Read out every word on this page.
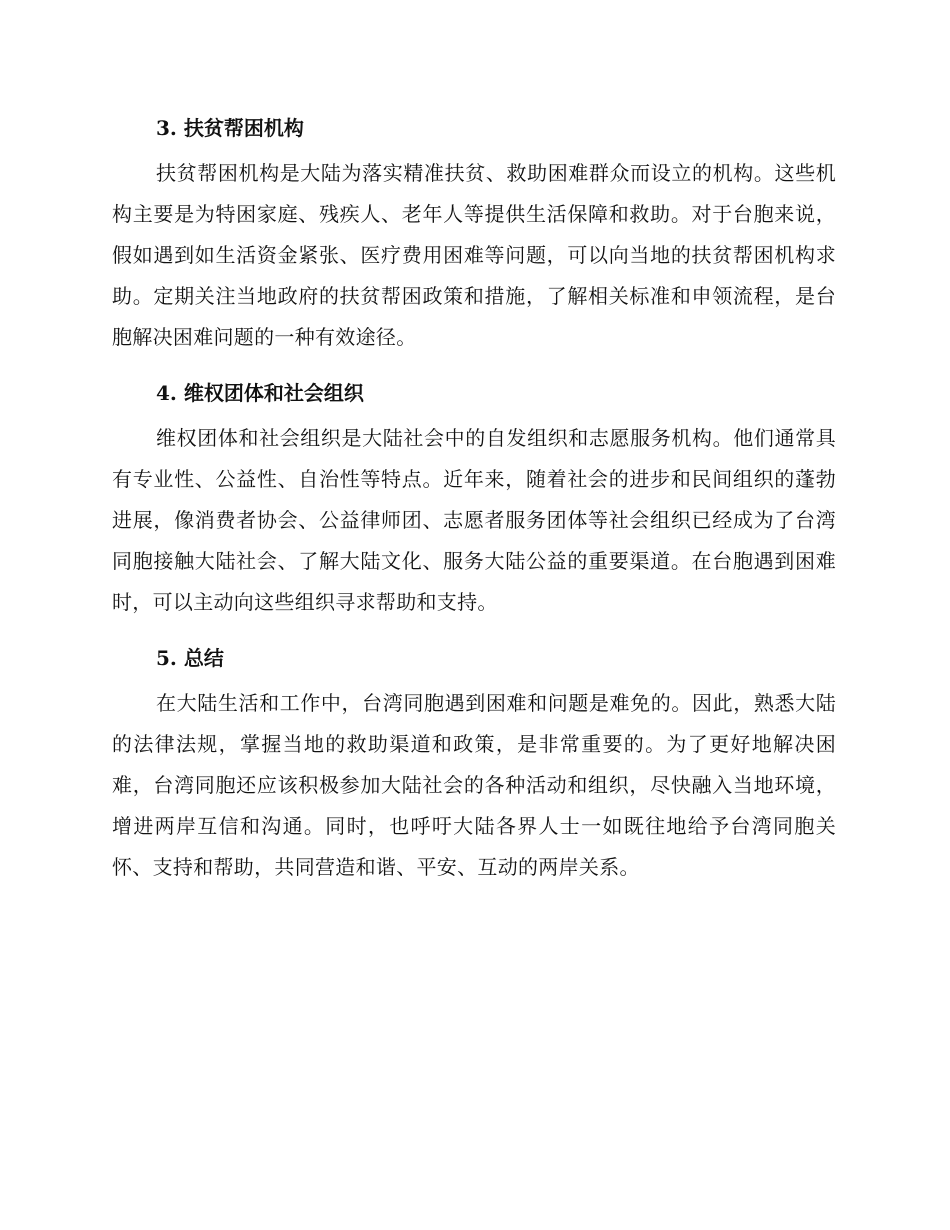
3. 扶贫帮困机构

扶贫帮困机构是大陆为落实精准扶贫、救助困难群众而设立的机构。这些机构主要是为特困家庭、残疾人、老年人等提供生活保障和救助。对于台胞来说，假如遇到如生活资金紧张、医疗费用困难等问题，可以向当地的扶贫帮困机构求助。定期关注当地政府的扶贫帮困政策和措施，了解相关标准和申领流程，是台胞解决困难问题的一种有效途径。

4. 维权团体和社会组织

维权团体和社会组织是大陆社会中的自发组织和志愿服务机构。他们通常具有专业性、公益性、自治性等特点。近年来，随着社会的进步和民间组织的蓬勃进展，像消费者协会、公益律师团、志愿者服务团体等社会组织已经成为了台湾同胞接触大陆社会、了解大陆文化、服务大陆公益的重要渠道。在台胞遇到困难时，可以主动向这些组织寻求帮助和支持。

5. 总结

在大陆生活和工作中，台湾同胞遇到困难和问题是难免的。因此，熟悉大陆的法律法规，掌握当地的救助渠道和政策，是非常重要的。为了更好地解决困难，台湾同胞还应该积极参加大陆社会的各种活动和组织，尽快融入当地环境，增进两岸互信和沟通。同时，也呼吁大陆各界人士一如既往地给予台湾同胞关怀、支持和帮助，共同营造和谐、平安、互动的两岸关系。
